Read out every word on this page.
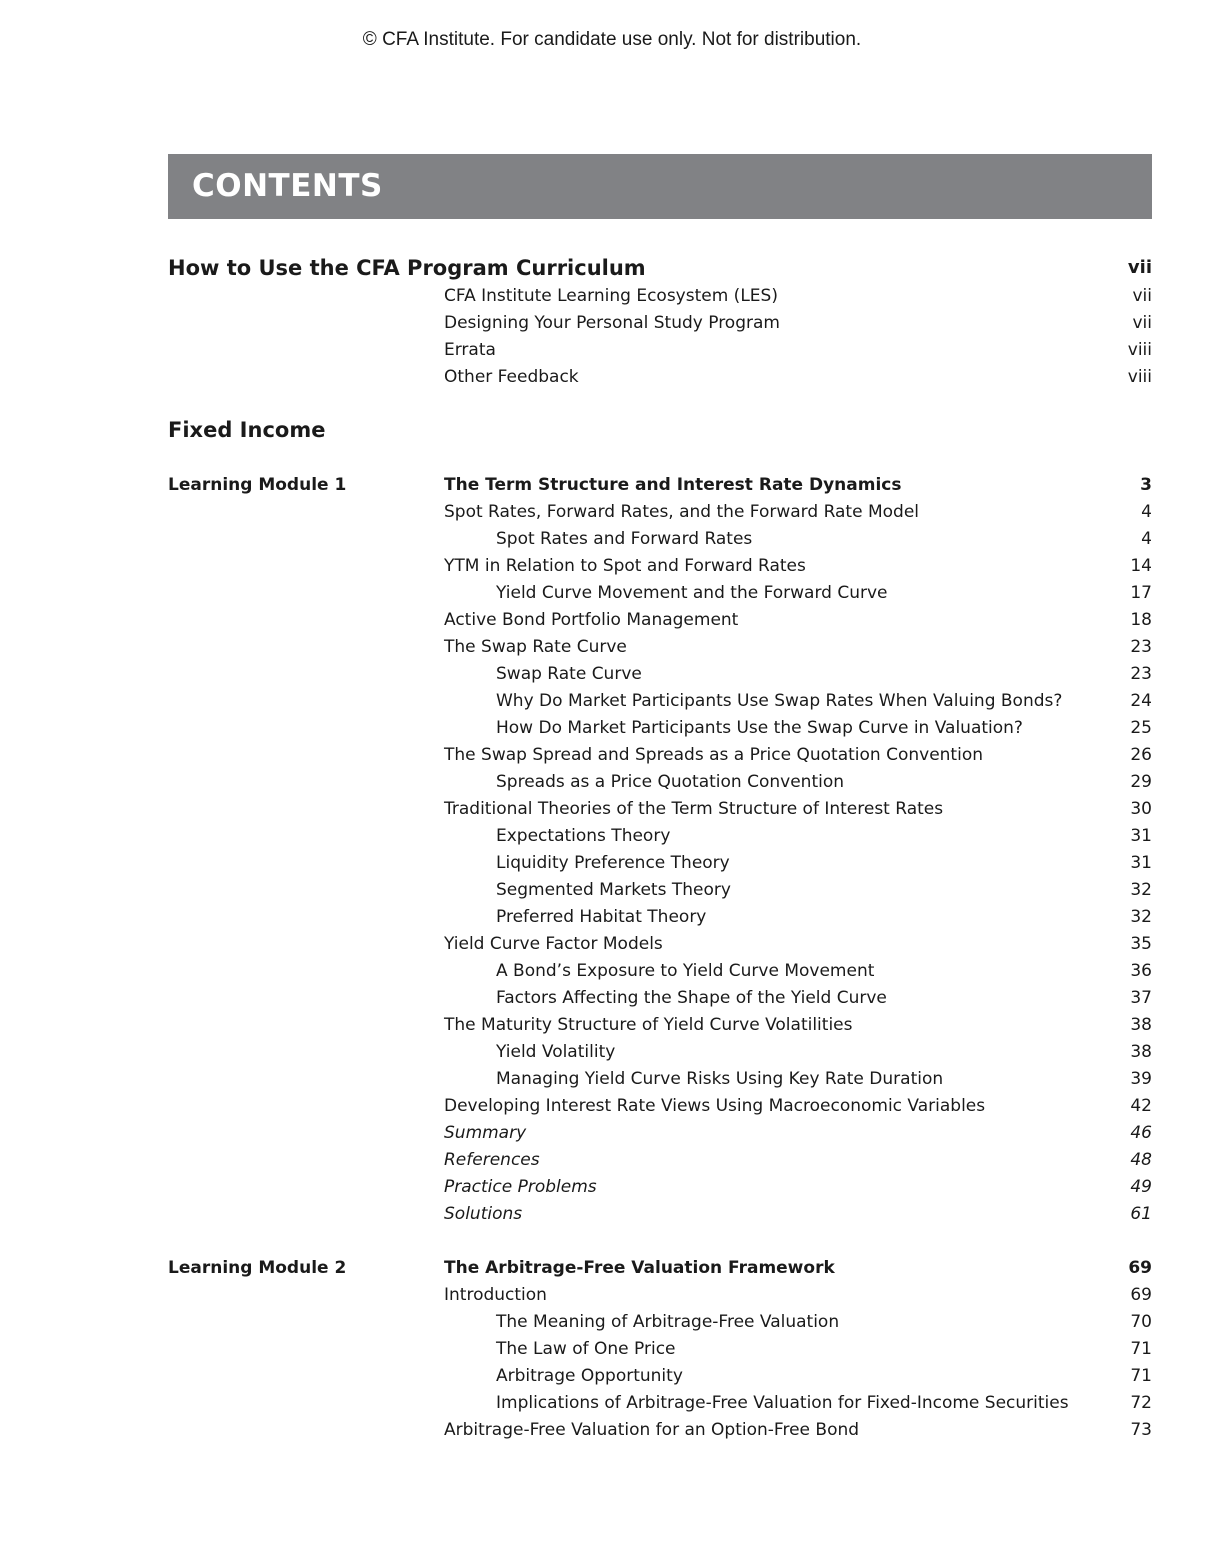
© CFA Institute. For candidate use only. Not for distribution.
CONTENTS
How to Use the CFA Program Curriculum	vii
CFA Institute Learning Ecosystem (LES)	vii
Designing Your Personal Study Program	vii
Errata	viii
Other Feedback	viii
Fixed Income
Learning Module 1	The Term Structure and Interest Rate Dynamics	3
Spot Rates, Forward Rates, and the Forward Rate Model	4
Spot Rates and Forward Rates	4
YTM in Relation to Spot and Forward Rates	14
Yield Curve Movement and the Forward Curve	17
Active Bond Portfolio Management	18
The Swap Rate Curve	23
Swap Rate Curve	23
Why Do Market Participants Use Swap Rates When Valuing Bonds?	24
How Do Market Participants Use the Swap Curve in Valuation?	25
The Swap Spread and Spreads as a Price Quotation Convention	26
Spreads as a Price Quotation Convention	29
Traditional Theories of the Term Structure of Interest Rates	30
Expectations Theory	31
Liquidity Preference Theory	31
Segmented Markets Theory	32
Preferred Habitat Theory	32
Yield Curve Factor Models	35
A Bond’s Exposure to Yield Curve Movement	36
Factors Affecting the Shape of the Yield Curve	37
The Maturity Structure of Yield Curve Volatilities	38
Yield Volatility	38
Managing Yield Curve Risks Using Key Rate Duration	39
Developing Interest Rate Views Using Macroeconomic Variables	42
Summary	46
References	48
Practice Problems	49
Solutions	61
Learning Module 2	The Arbitrage-Free Valuation Framework	69
Introduction	69
The Meaning of Arbitrage-Free Valuation	70
The Law of One Price	71
Arbitrage Opportunity	71
Implications of Arbitrage-Free Valuation for Fixed-Income Securities	72
Arbitrage-Free Valuation for an Option-Free Bond	73
